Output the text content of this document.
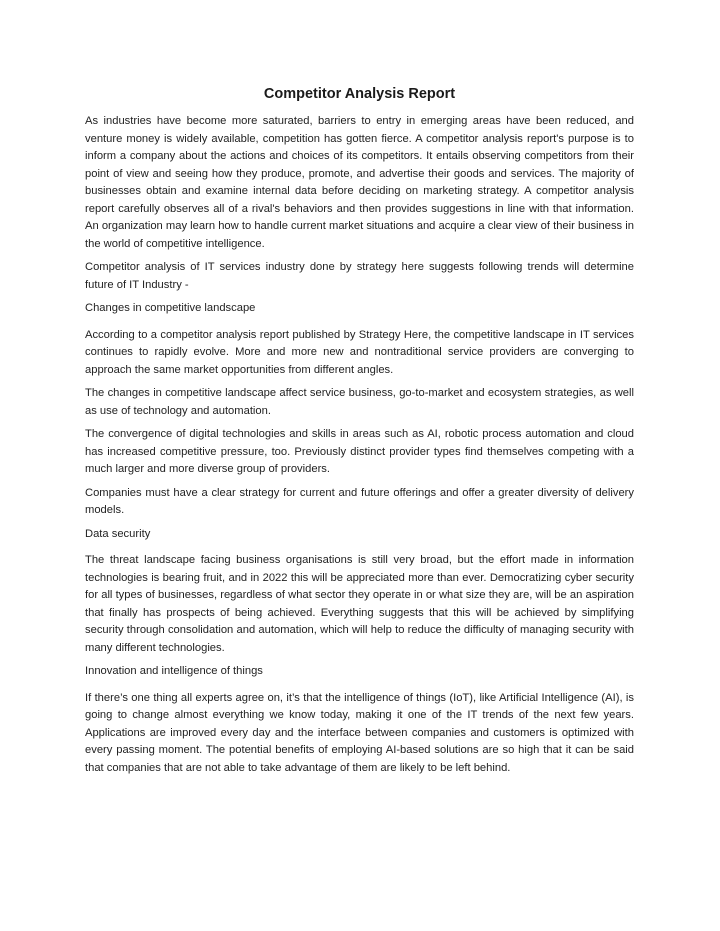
Competitor Analysis Report

As industries have become more saturated, barriers to entry in emerging areas have been reduced, and venture money is widely available, competition has gotten fierce. A competitor analysis report's purpose is to inform a company about the actions and choices of its competitors. It entails observing competitors from their point of view and seeing how they produce, promote, and advertise their goods and services. The majority of businesses obtain and examine internal data before deciding on marketing strategy. A competitor analysis report carefully observes all of a rival's behaviors and then provides suggestions in line with that information. An organization may learn how to handle current market situations and acquire a clear view of their business in the world of competitive intelligence.

Competitor analysis of IT services industry done by strategy here suggests following trends will determine future of IT Industry -

Changes in competitive landscape

According to a competitor analysis report published by Strategy Here, the competitive landscape in IT services continues to rapidly evolve. More and more new and nontraditional service providers are converging to approach the same market opportunities from different angles.

The changes in competitive landscape affect service business, go-to-market and ecosystem strategies, as well as use of technology and automation.

The convergence of digital technologies and skills in areas such as AI, robotic process automation and cloud has increased competitive pressure, too. Previously distinct provider types find themselves competing with a much larger and more diverse group of providers.

Companies must have a clear strategy for current and future offerings and offer a greater diversity of delivery models.

Data security

The threat landscape facing business organisations is still very broad, but the effort made in information technologies is bearing fruit, and in 2022 this will be appreciated more than ever. Democratizing cyber security for all types of businesses, regardless of what sector they operate in or what size they are, will be an aspiration that finally has prospects of being achieved. Everything suggests that this will be achieved by simplifying security through consolidation and automation, which will help to reduce the difficulty of managing security with many different technologies.

Innovation and intelligence of things

If there’s one thing all experts agree on, it’s that the intelligence of things (IoT), like Artificial Intelligence (AI), is going to change almost everything we know today, making it one of the IT trends of the next few years. Applications are improved every day and the interface between companies and customers is optimized with every passing moment. The potential benefits of employing AI-based solutions are so high that it can be said that companies that are not able to take advantage of them are likely to be left behind.
